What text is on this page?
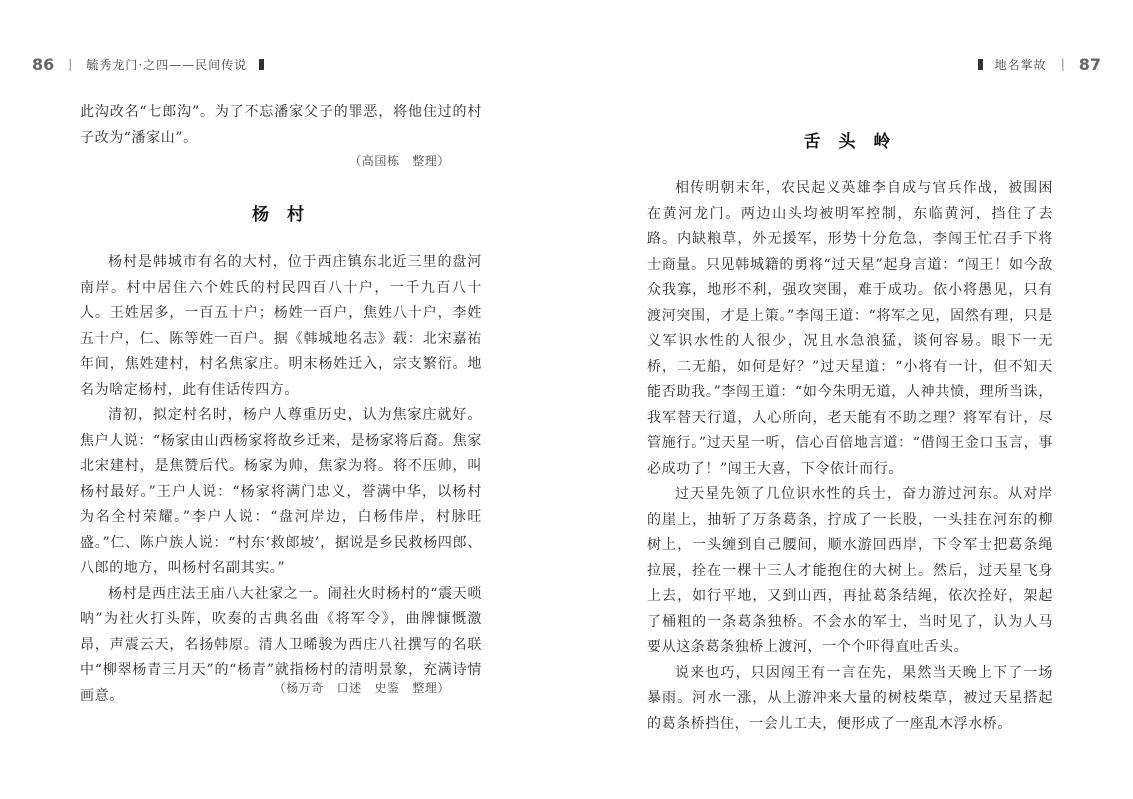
86 | 毓秀龙门·之四——民间传说

此沟改名“七郎沟”。为了不忘潘家父子的罪恶，将他住过的村子改为“潘家山”。

（高国栋　整理）
杨 村

杨村是韩城市有名的大村，位于西庄镇东北近三里的盘河南岸。村中居住六个姓氏的村民四百八十户，一千九百八十人。王姓居多，一百五十户；杨姓一百户，焦姓八十户，李姓五十户，仁、陈等姓一百户。据《韩城地名志》载：北宋嘉祐年间，焦姓建村，村名焦家庄。明末杨姓迁入，宗支繁衍。地名为啥定杨村，此有佳话传四方。

清初，拟定村名时，杨户人尊重历史，认为焦家庄就好。焦户人说：“杨家由山西杨家将故乡迁来，是杨家将后裔。焦家北宋建村，是焦赞后代。杨家为帅，焦家为将。将不压帅，叫杨村最好。”王户人说：“杨家将满门忠义，誉满中华，以杨村为名全村荣耀。”李户人说：“盘河岸边，白杨伟岸，村脉旺盛。”仁、陈户族人说：“村东‘救郎坡’，据说是乡民救杨四郎、八郎的地方，叫杨村名副其实。”

杨村是西庄法王庙八大社家之一。闹社火时杨村的“震天唢呐”为社火打头阵，吹奏的古典名曲《将军令》，曲牌慷慨激昂，声震云天，名扬韩原。清人卫晞骏为西庄八社撰写的名联中“柳翠杨青三月天”的“杨青”就指杨村的清明景象，充满诗情画意。	（杨万奇　口述　史鉴　整理）
地名掌故 | 87
舌 头 岭

相传明朝末年，农民起义英雄李自成与官兵作战，被围困在黄河龙门。两边山头均被明军控制，东临黄河，挡住了去路。内缺粮草，外无援军，形势十分危急，李闯王忙召手下将士商量。只见韩城籍的勇将“过天星”起身言道：“闯王！如今敌众我寡，地形不利，强攻突围，难于成功。依小将愚见，只有渡河突围，才是上策。”李闯王道：“将军之见，固然有理，只是义军识水性的人很少，况且水急浪猛，谈何容易。眼下一无桥，二无船，如何是好？”过天星道：“小将有一计，但不知天能否助我。”李闯王道：“如今朱明无道，人神共愤，理所当诛，我军替天行道，人心所向，老天能有不助之理？将军有计，尽管施行。”过天星一听，信心百倍地言道：“借闯王金口玉言，事必成功了！”闯王大喜，下令依计而行。

过天星先领了几位识水性的兵士，奋力游过河东。从对岸的崖上，抽斩了万条葛条，拧成了一长股，一头挂在河东的柳树上，一头缠到自己腰间，顺水游回西岸，下令军士把葛条绳拉展，拴在一棵十三人才能抱住的大树上。然后，过天星飞身上去，如行平地，又到山西，再扯葛条结绳，依次拴好，架起了桶粗的一条葛条独桥。不会水的军士，当时见了，认为人马要从这条葛条独桥上渡河，一个个吓得直吐舌头。

说来也巧，只因闯王有一言在先，果然当天晚上下了一场暴雨。河水一涨，从上游冲来大量的树枝柴草，被过天星搭起的葛条桥挡住，一会儿工夫，便形成了一座乱木浮水桥。
